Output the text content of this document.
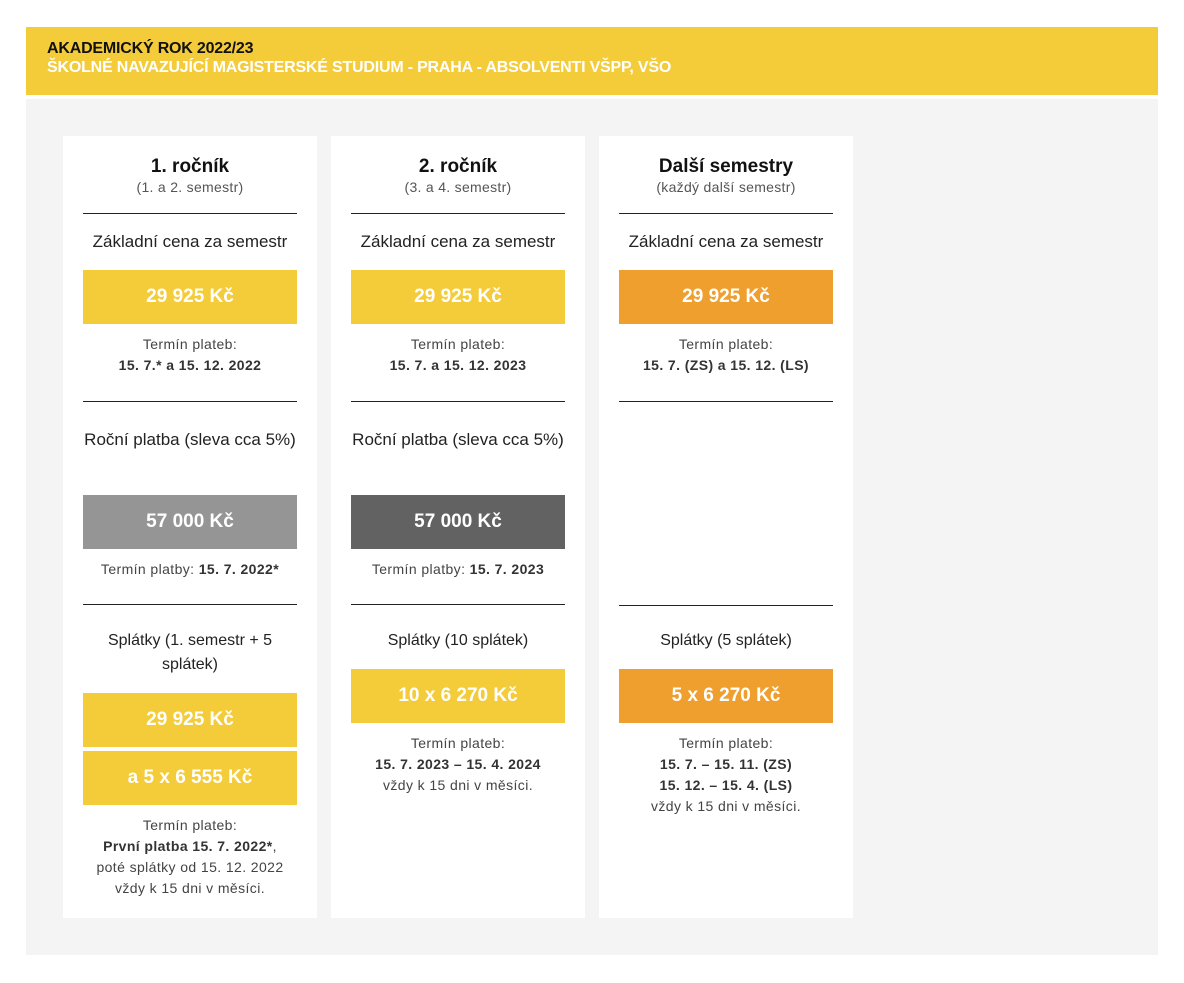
AKADEMICKÝ ROK 2022/23
ŠKOLNÉ NAVAZUJÍCÍ MAGISTERSKÉ STUDIUM - PRAHA - ABSOLVENTI VŠPP, VŠO
1. ročník
(1. a 2. semestr)
Základní cena za semestr
29 925 Kč
Termín plateb:
15. 7.* a 15. 12. 2022
Roční platba (sleva cca 5%)
57 000 Kč
Termín platby: 15. 7. 2022*
Splátky (1. semestr + 5 splátek)
29 925 Kč
a 5 x 6 555 Kč
Termín plateb:
První platba 15. 7. 2022*,
poté splátky od 15. 12. 2022
vždy k 15 dni v měsíci.
2. ročník
(3. a 4. semestr)
Základní cena za semestr
29 925 Kč
Termín plateb:
15. 7. a 15. 12. 2023
Roční platba (sleva cca 5%)
57 000 Kč
Termín platby: 15. 7. 2023
Splátky (10 splátek)
10 x 6 270 Kč
Termín plateb:
15. 7. 2023 – 15. 4. 2024
vždy k 15 dni v měsíci.
Další semestry
(každý další semestr)
Základní cena za semestr
29 925 Kč
Termín plateb:
15. 7. (ZS) a 15. 12. (LS)
Splátky (5 splátek)
5 x 6 270 Kč
Termín plateb:
15. 7. – 15. 11. (ZS)
15. 12. – 15. 4. (LS)
vždy k 15 dni v měsíci.
